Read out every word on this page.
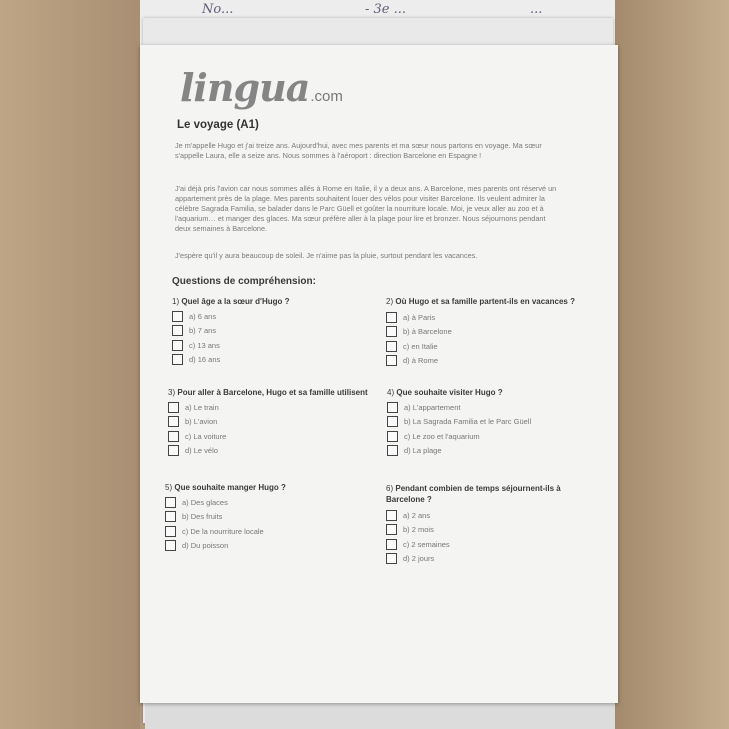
No...	- 3e ...	...
lingua.com
Le voyage (A1)

Je m'appelle Hugo et j'ai treize ans. Aujourd'hui, avec mes parents et ma sœur nous partons en voyage. Ma sœur s'appelle Laura, elle a seize ans. Nous sommes à l'aéroport : direction Barcelone en Espagne !

J'ai déjà pris l'avion car nous sommes allés à Rome en Italie, il y a deux ans. A Barcelone, mes parents ont réservé un appartement près de la plage. Mes parents souhaitent louer des vélos pour visiter Barcelone. Ils veulent admirer la célèbre Sagrada Familia, se balader dans le Parc Güell et goûter la nourriture locale. Moi, je veux aller au zoo et à l'aquarium… et manger des glaces. Ma sœur préfère aller à la plage pour lire et bronzer. Nous séjournons pendant deux semaines à Barcelone.

J'espère qu'il y aura beaucoup de soleil. Je n'aime pas la pluie, surtout pendant les vacances.

Questions de compréhension:
1) Quel âge a la sœur d'Hugo ?
a) 6 ans
b) 7 ans
c) 13 ans
d) 16 ans
2) Où Hugo et sa famille partent-ils en vacances ?
a) à Paris
b) à Barcelone
c) en Italie
d) à Rome
3) Pour aller à Barcelone, Hugo et sa famille utilisent
a) Le train
b) L'avion
c) La voiture
d) Le vélo
4) Que souhaite visiter Hugo ?
a) L'appartement
b) La Sagrada Familia et le Parc Güell
c) Le zoo et l'aquarium
d) La plage
5) Que souhaite manger Hugo ?
a) Des glaces
b) Des fruits
c) De la nourriture locale
d) Du poisson
6) Pendant combien de temps séjournent-ils à Barcelone ?
a) 2 ans
b) 2 mois
c) 2 semaines
d) 2 jours
